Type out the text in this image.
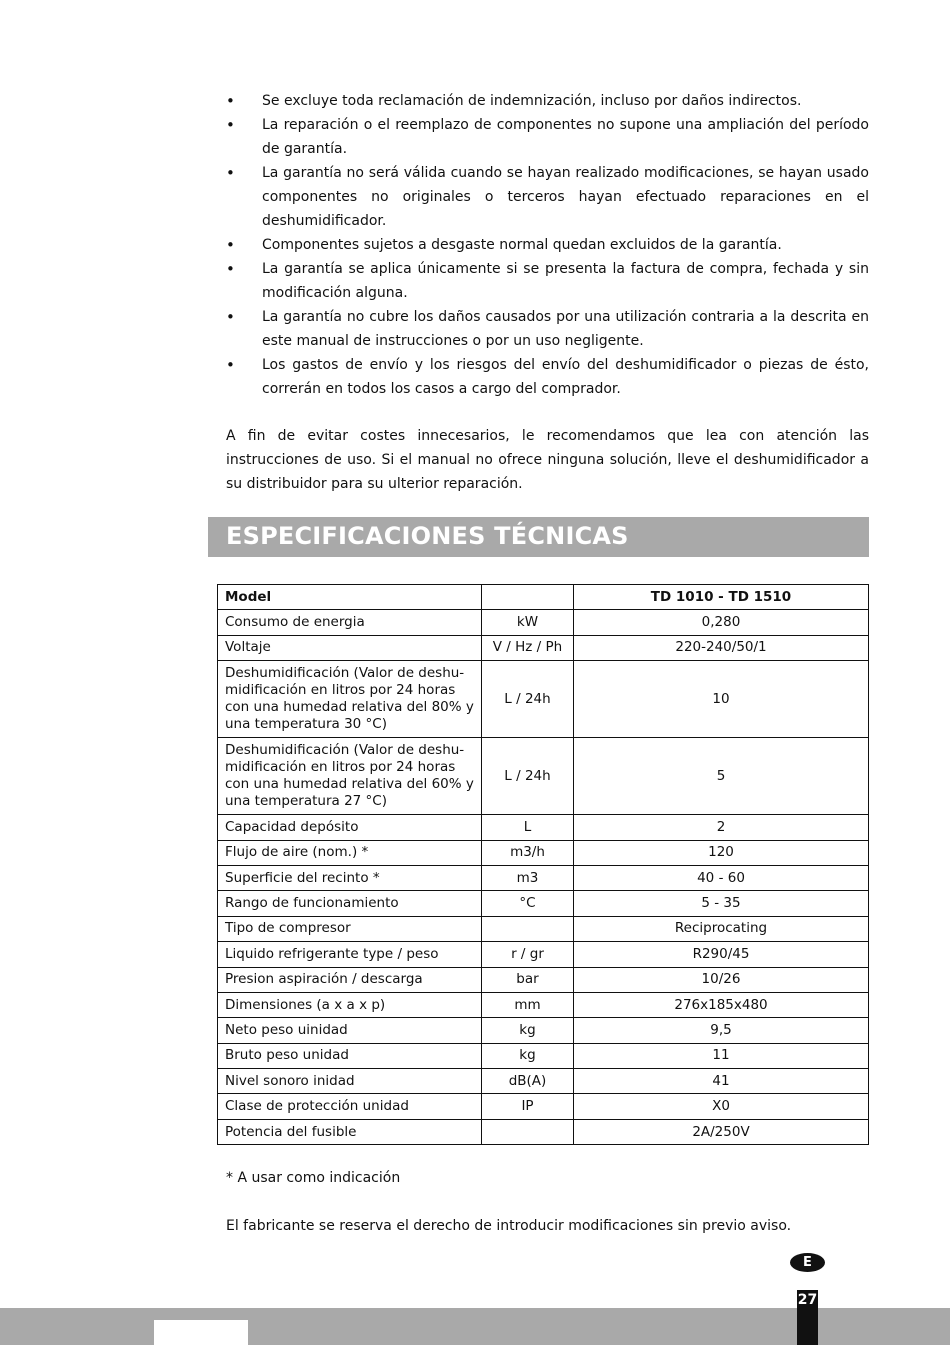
• Se excluye toda reclamación de indemnización, incluso por daños indirectos.
• La reparación o el reemplazo de componentes no supone una ampliación del período de garantía.
• La garantía no será válida cuando se hayan realizado modificaciones, se hayan usado componentes no originales o terceros hayan efectuado reparaciones en el deshumidificador.
• Componentes sujetos a desgaste normal quedan excluidos de la garantía.
• La garantía se aplica únicamente si se presenta la factura de compra, fechada y sin modificación alguna.
• La garantía no cubre los daños causados por una utilización contraria a la descrita en este manual de instrucciones o por un uso negligente.
• Los gastos de envío y los riesgos del envío del deshumidificador o piezas de ésto, correrán en todos los casos a cargo del comprador.

A fin de evitar costes innecesarios, le recomendamos que lea con atención las instrucciones de uso. Si el manual no ofrece ninguna solución, lleve el deshumidificador a su distribuidor para su ulterior reparación.

ESPECIFICACIONES TÉCNICAS
Model		TD 1010 - TD 1510
Consumo de energia	kW	0,280
Voltaje	V / Hz / Ph	220-240/50/1
Deshumidificación (Valor de deshu-midificación en litros por 24 horas con una humedad relativa del 80% y una temperatura 30 °C)	L / 24h	10
Deshumidificación (Valor de deshu-midificación en litros por 24 horas con una humedad relativa del 60% y una temperatura 27 °C)	L / 24h	5
Capacidad depósito	L	2
Flujo de aire (nom.) *	m3/h	120
Superficie del recinto *	m3	40 - 60
Rango de funcionamiento	°C	5 - 35
Tipo de compresor		Reciprocating
Liquido refrigerante type / peso	r / gr	R290/45
Presion aspiración / descarga	bar	10/26
Dimensiones (a x a x p)	mm	276x185x480
Neto peso uinidad	kg	9,5
Bruto peso unidad	kg	11
Nivel sonoro inidad	dB(A)	41
Clase de protección unidad	IP	X0
Potencia del fusible		2A/250V

* A usar como indicación

El fabricante se reserva el derecho de introducir modificaciones sin previo aviso.

E
27
